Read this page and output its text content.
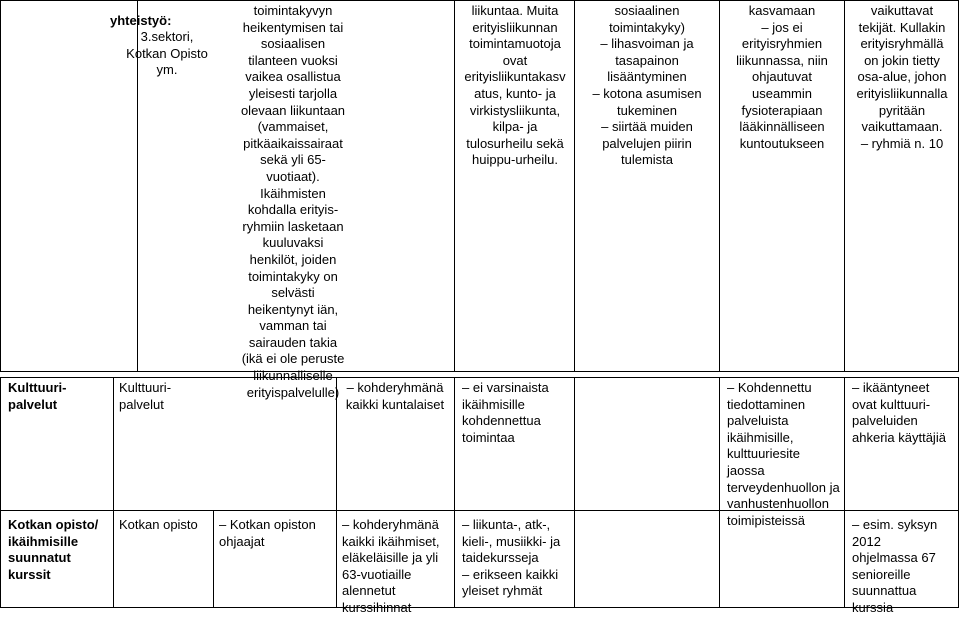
yhteistyö:
3.sektori,
Kotkan Opisto
ym.
toimintakyvyn
heikentymisen tai
sosiaalisen
tilanteen vuoksi
vaikea osallistua
yleisesti tarjolla
olevaan liikuntaan
(vammaiset,
pitkäaikaissairaat
sekä yli 65-
vuotiaat).
Ikäihmisten
kohdalla erityis-
ryhmiin lasketaan
kuuluvaksi
henkilöt, joiden
toimintakyky on
selvästi
heikentynyt iän,
vamman tai
sairauden takia
(ikä ei ole peruste
liikunnalliselle
erityispalvelulle)
liikuntaa. Muita
erityisliikunnan
toimintamuotoja
ovat
erityisliikuntakasv
atus, kunto- ja
virkistysliikunta,
kilpa- ja
tulosurheilu sekä
huippu-urheilu.
sosiaalinen
toimintakyky)
– lihasvoiman ja
tasapainon
lisääntyminen
– kotona asumisen
tukeminen
– siirtää muiden
palvelujen piirin
tulemista
kasvamaan
– jos ei
erityisryhmien
liikunnassa, niin
ohjautuvat
useammin
fysioterapiaan
lääkinnälliseen
kuntoutukseen
vaikuttavat
tekijät. Kullakin
erityisryhmällä
on jokin tietty
osa-alue, johon
erityisliikunnalla
pyritään
vaikuttamaan.
– ryhmiä n. 10
Kulttuuri-
palvelut
Kulttuuri-
palvelut
– kohderyhmänä
kaikki kuntalaiset
– ei varsinaista
ikäihmisille
kohdennettua
toimintaa
– Kohdennettu
tiedottaminen
palveluista
ikäihmisille,
kulttuuriesite
jaossa
terveydenhuollon ja
vanhustenhuollon
toimipisteissä
– ikääntyneet
ovat kulttuuri-
palveluiden
ahkeria käyttäjiä
Kotkan opisto/
ikäihmisille
suunnatut
kurssit
Kotkan opisto	– Kotkan opiston
ohjaajat
– kohderyhmänä
kaikki ikäihmiset,
eläkeläisille ja yli
63-vuotiaille
alennetut
kurssihinnat
– liikunta-, atk-,
kieli-, musiikki- ja
taidekursseja
– erikseen kaikki
yleiset ryhmät
– esim. syksyn
2012
ohjelmassa 67
senioreille
suunnattua
kurssia
